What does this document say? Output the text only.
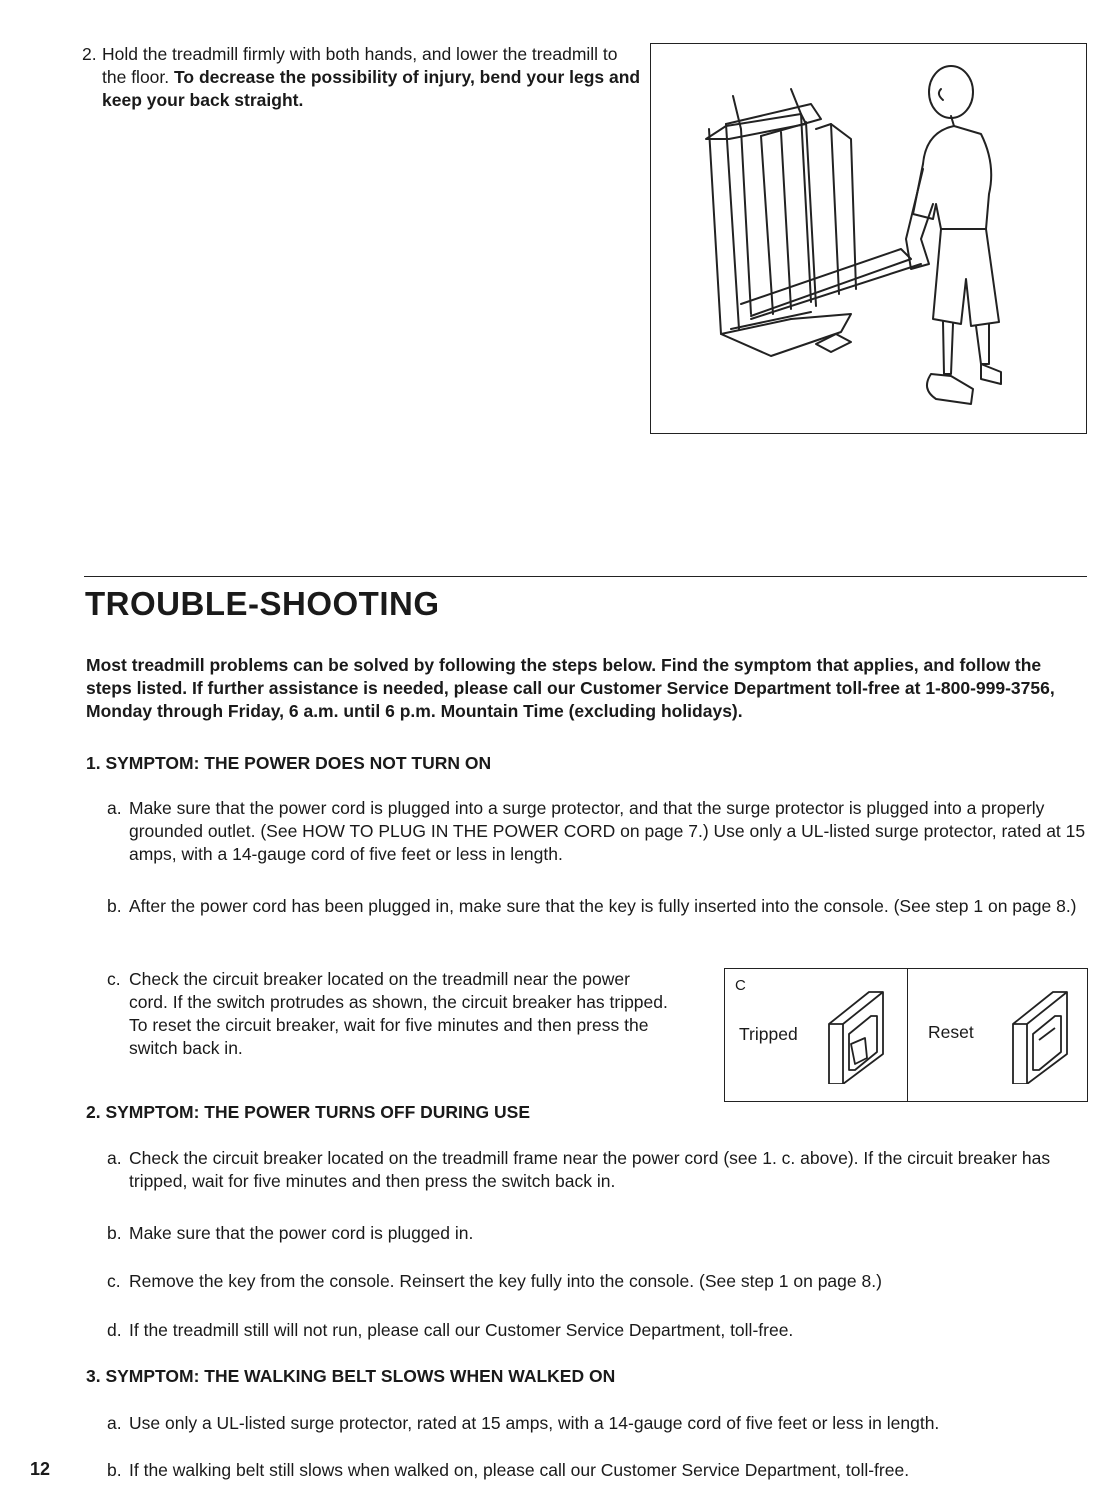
2. Hold the treadmill firmly with both hands, and lower the treadmill to the floor. To decrease the possibility of injury, bend your legs and keep your back straight.
TROUBLE-SHOOTING
Most treadmill problems can be solved by following the steps below. Find the symptom that applies, and follow the steps listed. If further assistance is needed, please call our Customer Service Department toll-free at 1-800-999-3756, Monday through Friday, 6 a.m. until 6 p.m. Mountain Time (excluding holidays).
1. SYMPTOM: THE POWER DOES NOT TURN ON
a. Make sure that the power cord is plugged into a surge protector, and that the surge protector is plugged into a properly grounded outlet. (See HOW TO PLUG IN THE POWER CORD on page 7.) Use only a UL-listed surge protector, rated at 15 amps, with a 14-gauge cord of five feet or less in length.
b. After the power cord has been plugged in, make sure that the key is fully inserted into the console. (See step 1 on page 8.)
c. Check the circuit breaker located on the treadmill near the power cord. If the switch protrudes as shown, the circuit breaker has tripped. To reset the circuit breaker, wait for five minutes and then press the switch back in.
C
Tripped	Reset
2. SYMPTOM: THE POWER TURNS OFF DURING USE
a. Check the circuit breaker located on the treadmill frame near the power cord (see 1. c. above). If the circuit breaker has tripped, wait for five minutes and then press the switch back in.
b. Make sure that the power cord is plugged in.
c. Remove the key from the console. Reinsert the key fully into the console. (See step 1 on page 8.)
d. If the treadmill still will not run, please call our Customer Service Department, toll-free.
3. SYMPTOM: THE WALKING BELT SLOWS WHEN WALKED ON
a. Use only a UL-listed surge protector, rated at 15 amps, with a 14-gauge cord of five feet or less in length.
b. If the walking belt still slows when walked on, please call our Customer Service Department, toll-free.
12
